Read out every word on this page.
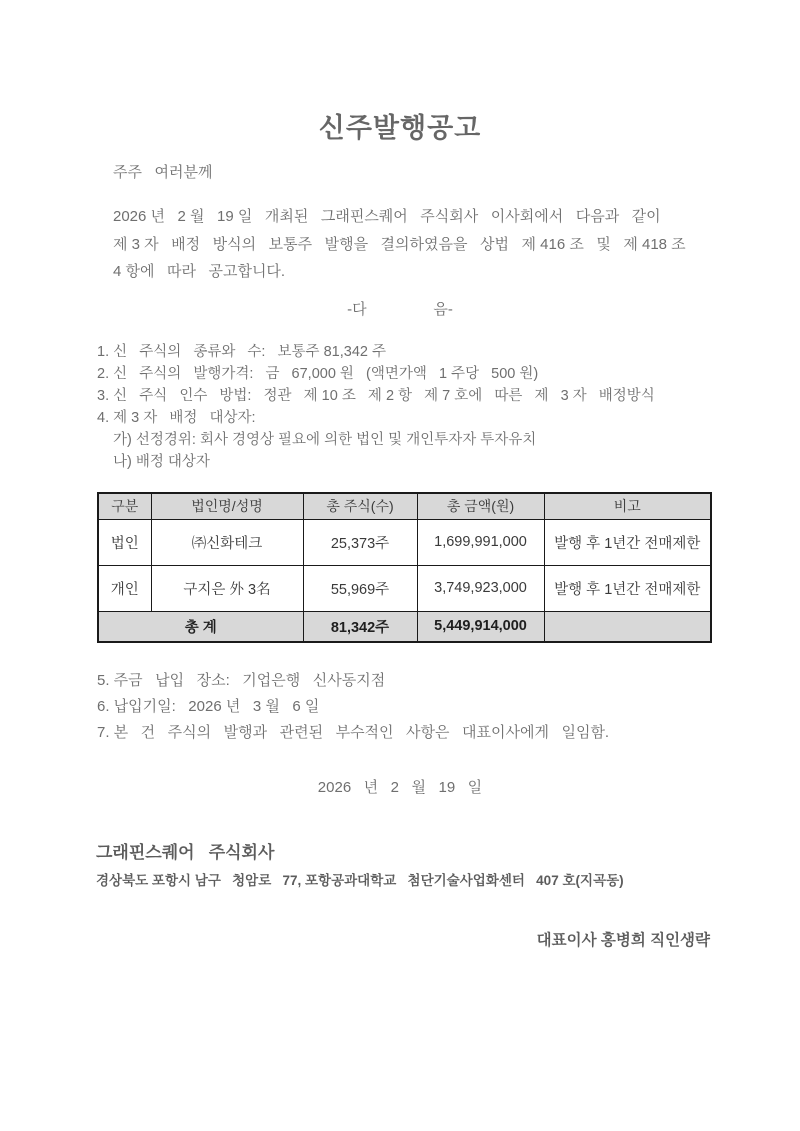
신주발행공고
주주   여러분께
2026 년   2 월   19 일   개최된   그래핀스퀘어   주식회사   이사회에서   다음과   같이
제 3 자   배정   방식의   보통주   발행을   결의하였음을   상법   제 416 조   및   제 418 조
4 항에   따라   공고합니다.
-다                음-
1. 신   주식의   종류와   수:   보통주 81,342 주
2. 신   주식의   발행가격:   금   67,000 원   (액면가액   1 주당   500 원)
3. 신   주식   인수   방법:   정관   제 10 조   제 2 항   제 7 호에   따른   제   3 자   배정방식
4. 제 3 자   배정   대상자:
가) 선정경위: 회사 경영상 필요에 의한 법인 및 개인투자자 투자유치
나) 배정 대상자
구분	법인명/성명	총 주식(수)	총 금액(원)	비고
법인	㈜신화테크	25,373주	1,699,991,000	발행 후 1년간 전매제한
개인	구지은 外 3名	55,969주	3,749,923,000	발행 후 1년간 전매제한
총 계		81,342주	5,449,914,000	
5. 주금   납입   장소:   기업은행   신사동지점
6. 납입기일:   2026 년   3 월   6 일
7. 본   건   주식의   발행과   관련된   부수적인   사항은   대표이사에게   일임함.
2026   년   2   월   19   일
그래핀스퀘어   주식회사
경상북도 포항시 남구   청암로   77, 포항공과대학교   첨단기술사업화센터   407 호(지곡동)
대표이사 홍병희 직인생략
